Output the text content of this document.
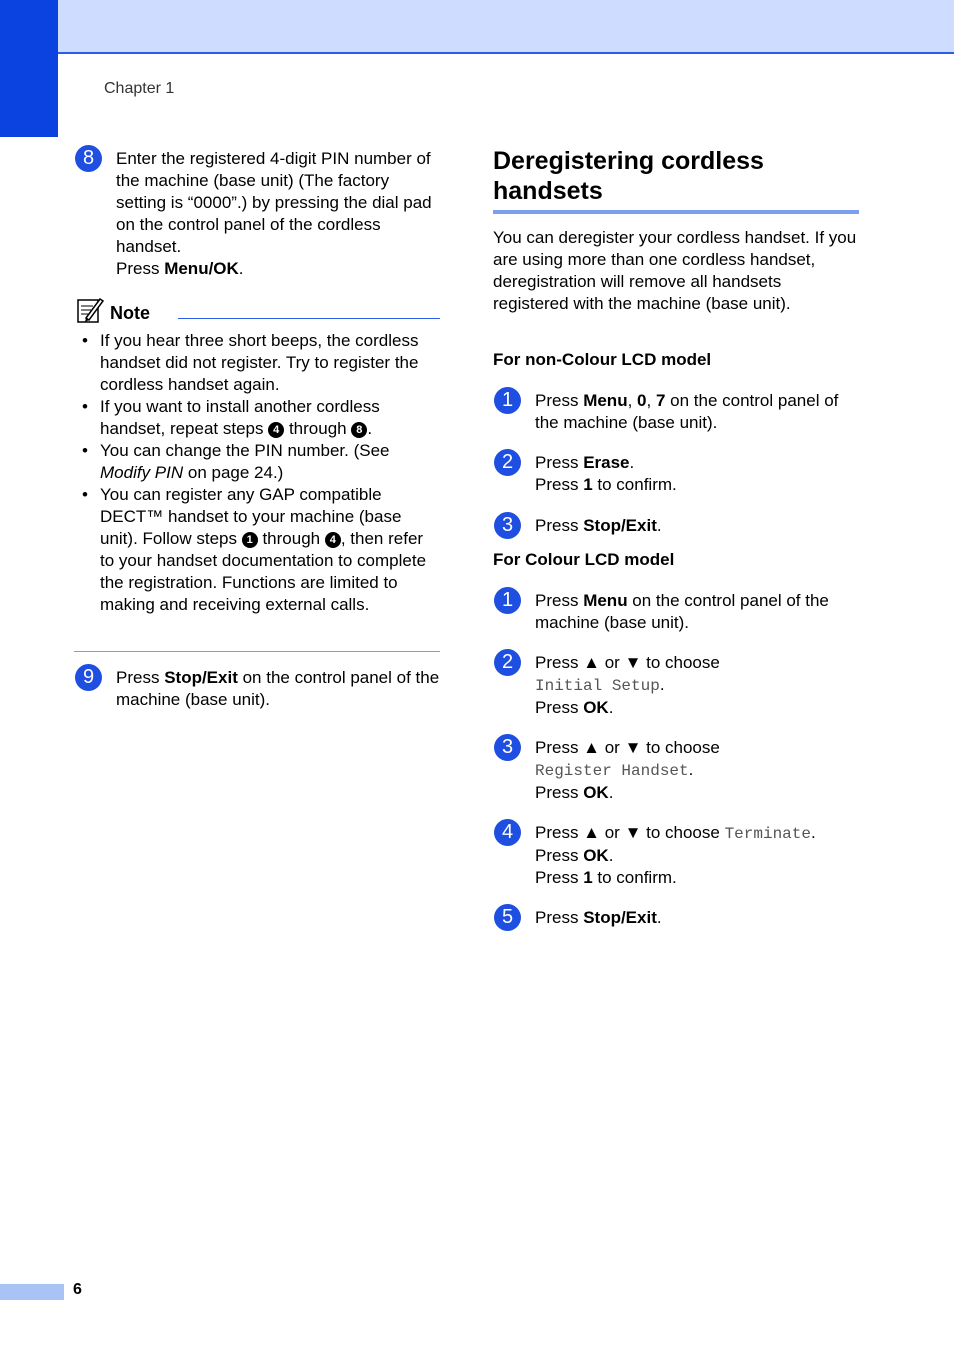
Chapter 1
8	Enter the registered 4-digit PIN number of the machine (base unit) (The factory setting is “0000”.) by pressing the dial pad on the control panel of the cordless handset.
Press Menu/OK.
Note
• If you hear three short beeps, the cordless handset did not register. Try to register the cordless handset again.
• If you want to install another cordless handset, repeat steps 4 through 8 .
• You can change the PIN number. (See Modify PIN on page 24.)
• You can register any GAP compatible DECT™ handset to your machine (base unit). Follow steps 1 through 4 , then refer to your handset documentation to complete the registration. Functions are limited to making and receiving external calls.
9	Press Stop/Exit on the control panel of the machine (base unit).
Deregistering cordless handsets
You can deregister your cordless handset. If you are using more than one cordless handset, deregistration will remove all handsets registered with the machine (base unit).
For non-Colour LCD model
1	Press Menu, 0, 7 on the control panel of the machine (base unit).
2	Press Erase.
Press 1 to confirm.
3	Press Stop/Exit.
For Colour LCD model
1	Press Menu on the control panel of the machine (base unit).
2	Press ▲ or ▼ to choose
Initial Setup.
Press OK.
3	Press ▲ or ▼ to choose
Register Handset.
Press OK.
4	Press ▲ or ▼ to choose Terminate.
Press OK.
Press 1 to confirm.
5	Press Stop/Exit.
6
